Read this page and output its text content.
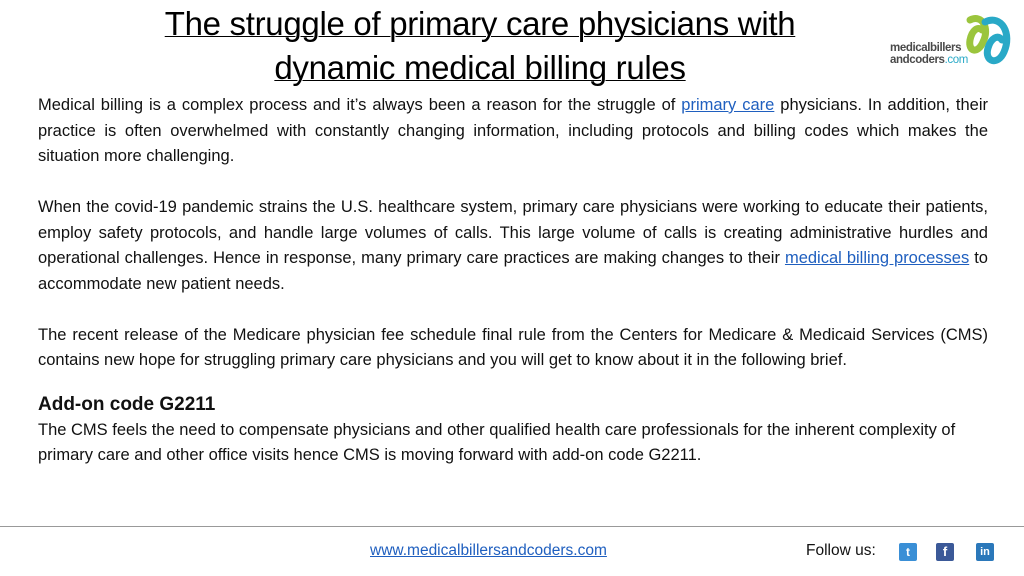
The struggle of primary care physicians with
dynamic medical billing rules
medicalbillers
andcoders.com

Medical billing is a complex process and it’s always been a reason for the struggle of primary care physicians. In addition, their practice is often overwhelmed with constantly changing information, including protocols and billing codes which makes the situation more challenging.

When the covid-19 pandemic strains the U.S. healthcare system, primary care physicians were working to educate their patients, employ safety protocols, and handle large volumes of calls. This large volume of calls is creating administrative hurdles and operational challenges. Hence in response, many primary care practices are making changes to their medical billing processes to accommodate new patient needs.

The recent release of the Medicare physician fee schedule final rule from the Centers for Medicare & Medicaid Services (CMS) contains new hope for struggling primary care physicians and you will get to know about it in the following brief.

Add-on code G2211

The CMS feels the need to compensate physicians and other qualified health care professionals for the inherent complexity of primary care and other office visits hence CMS is moving forward with add-on code G2211.

www.medicalbillersandcoders.com	Follow us:	t	f	in
